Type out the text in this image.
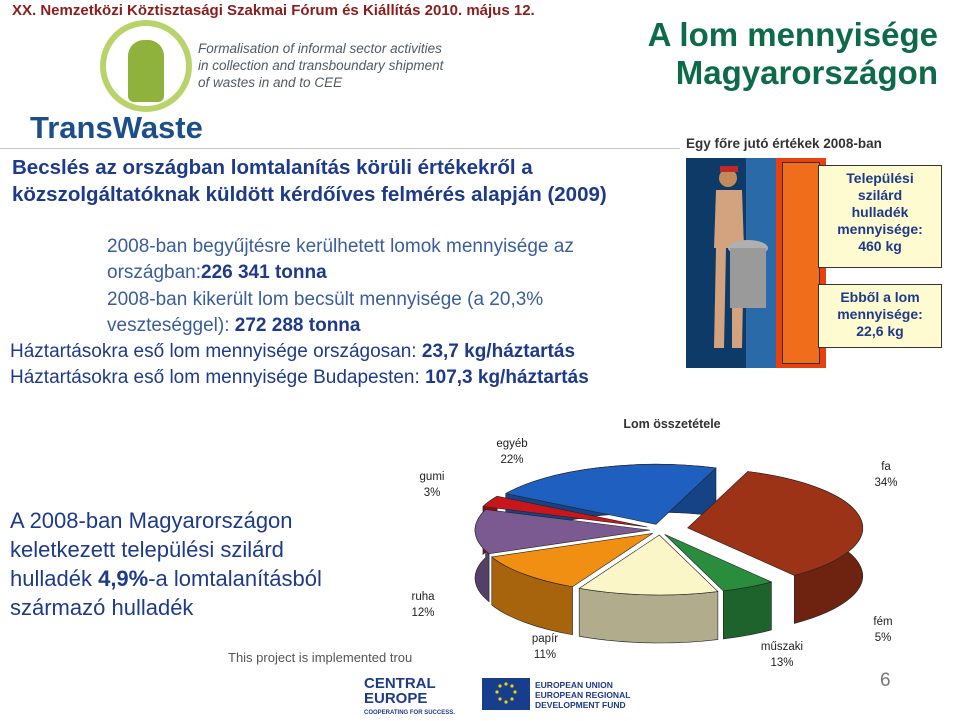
XX. Nemzetközi Köztisztasági Szakmai Fórum és Kiállítás 2010. május 12.
TransWaste
Formalisation of informal sector activities
in collection and transboundary shipment
of wastes in and to CEE
A lom mennyisége
Magyarországon
Becslés az országban lomtalanítás körüli értékekről a
közszolgáltatóknak küldött kérdőíves felmérés alapján (2009)
2008-ban begyűjtésre kerülhetett lomok mennyisége az
országban:226 341 tonna
2008-ban kikerült lom becsült mennyisége (a 20,3%
veszteséggel): 272 288 tonna
Háztartásokra eső lom mennyisége országosan: 23,7 kg/háztartás
Háztartásokra eső lom mennyisége Budapesten: 107,3 kg/háztartás
Egy főre jutó értékek 2008-ban
Települési
szilárd
hulladék
mennyisége:
460 kg
Ebből a lom
mennyisége:
22,6 kg
A 2008-ban Magyarországon
keletkezett települési szilárd
hulladék 4,9%-a lomtalanításból
származó hulladék
This project is implemented trou
Lom összetétele
fa
34%
fém
5%
műszaki
13%
papír
11%
ruha
12%
gumi
3%
egyéb
22%
CENTRAL
EUROPE
COOPERATING FOR SUCCESS.
EUROPEAN UNION
EUROPEAN REGIONAL
DEVELOPMENT FUND
6
